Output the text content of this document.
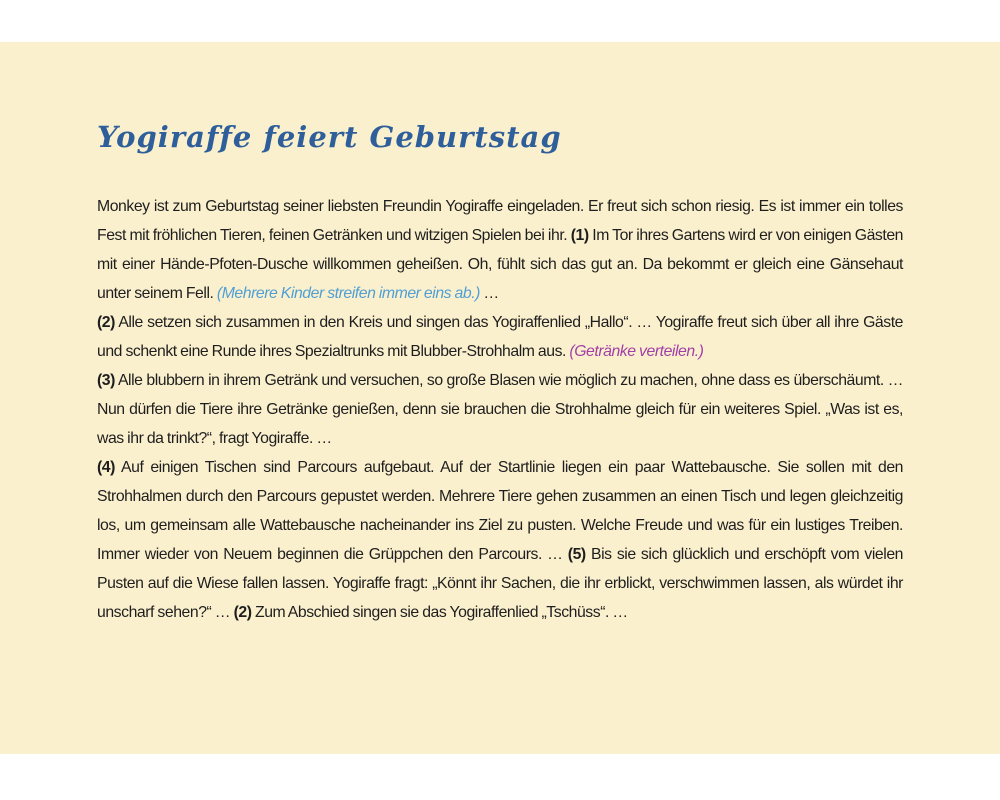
Yogiraffe feiert Geburtstag

Monkey ist zum Geburtstag seiner liebsten Freundin Yogiraffe eingeladen. Er freut sich schon riesig. Es ist immer ein tolles Fest mit fröhlichen Tieren, feinen Getränken und witzigen Spielen bei ihr. (1) Im Tor ihres Gartens wird er von einigen Gästen mit einer Hände-Pfoten-Dusche willkommen geheißen. Oh, fühlt sich das gut an. Da bekommt er gleich eine Gänsehaut unter seinem Fell. (Mehrere Kinder streifen immer eins ab.) …

(2) Alle setzen sich zusammen in den Kreis und singen das Yogiraffenlied „Hallo“. … Yogiraffe freut sich über all ihre Gäste und schenkt eine Runde ihres Spezialtrunks mit Blubber-Strohhalm aus. (Getränke verteilen.)

(3) Alle blubbern in ihrem Getränk und versuchen, so große Blasen wie möglich zu machen, ohne dass es überschäumt. … Nun dürfen die Tiere ihre Getränke genießen, denn sie brauchen die Strohhalme gleich für ein weiteres Spiel. „Was ist es, was ihr da trinkt?“, fragt Yogiraffe. …

(4) Auf einigen Tischen sind Parcours aufgebaut. Auf der Startlinie liegen ein paar Wattebausche. Sie sollen mit den Strohhalmen durch den Parcours gepustet werden. Mehrere Tiere gehen zusammen an einen Tisch und legen gleichzeitig los, um gemeinsam alle Wattebausche nacheinander ins Ziel zu pusten. Welche Freude und was für ein lustiges Treiben. Immer wieder von Neuem beginnen die Grüppchen den Parcours. … (5) Bis sie sich glücklich und erschöpft vom vielen Pusten auf die Wiese fallen lassen. Yogiraffe fragt: „Könnt ihr Sachen, die ihr erblickt, verschwimmen lassen, als würdet ihr unscharf sehen?“ … (2) Zum Abschied singen sie das Yogiraffenlied „Tschüss“. …
